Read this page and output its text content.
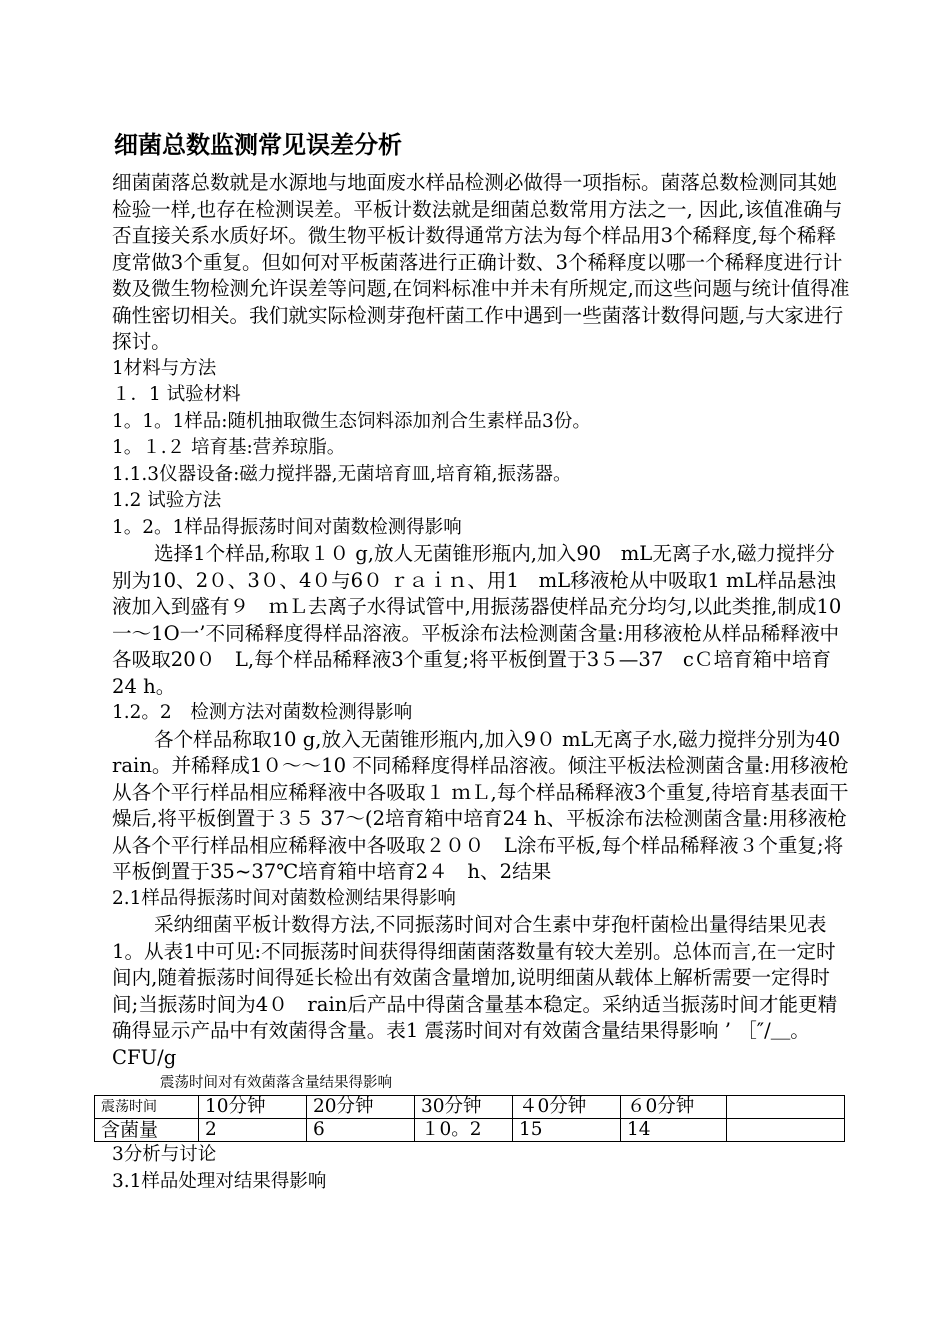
细菌总数监测常见误差分析

细菌菌落总数就是水源地与地面废水样品检测必做得一项指标。菌落总数检测同其她检验一样,也存在检测误差。平板计数法就是细菌总数常用方法之一, 因此,该值准确与否直接关系水质好坏。微生物平板计数得通常方法为每个样品用3个稀释度,每个稀释度常做3个重复。但如何对平板菌落进行正确计数、3个稀释度以哪一个稀释度进行计数及微生物检测允许误差等问题,在饲料标准中并未有所规定,而这些问题与统计值得准确性密切相关。我们就实际检测芽孢杆菌工作中遇到一些菌落计数得问题,与大家进行探讨。

1材料与方法

１．1 试验材料

1。1。1样品:随机抽取微生态饲料添加剂合生素样品3份。

1。１.２ 培育基:营养琼脂。

1.1.3仪器设备:磁力搅拌器,无菌培育皿,培育箱,振荡器。

1.2 试验方法

1。2。1样品得振荡时间对菌数检测得影响

选择1个样品,称取１０ g,放人无菌锥形瓶内,加入90　mL无离子水,磁力搅拌分别为10、2０、3０、4０与6０ ｒａｉｎ、用1　mL移液枪从中吸取1 mL样品悬浊液加入到盛有９　ｍＬ去离子水得试管中,用振荡器使样品充分均匀,以此类推,制成10一～1O一’不同稀释度得样品溶液。平板涂布法检测菌含量:用移液枪从样品稀释液中各吸取20０　L,每个样品稀释液3个重复;将平板倒置于3５—37　cＣ培育箱中培育24 h。

1.2。2　检测方法对菌数检测得影响

各个样品称取10 g,放入无菌锥形瓶内,加入9０ mL无离子水,磁力搅拌分别为40　rain。并稀释成1０～～10 不同稀释度得样品溶液。倾注平板法检测菌含量:用移液枪从各个平行样品相应稀释液中各吸取１ ｍＬ,每个样品稀释液3个重复,待培育基表面干燥后,将平板倒置于３５ 37～(2培育箱中培育24 h、平板涂布法检测菌含量:用移液枪从各个平行样品相应稀释液中各吸取２００　L涂布平板,每个样品稀释液３个重复;将平板倒置于35~37℃培育箱中培育2４　h、2结果

2.1样品得振荡时间对菌数检测结果得影响

采纳细菌平板计数得方法,不同振荡时间对合生素中芽孢杆菌检出量得结果见表1。从表1中可见:不同振荡时间获得得细菌菌落数量有较大差别。总体而言,在一定时间内,随着振荡时间得延长检出有效菌含量增加,说明细菌从载体上解析需要一定得时间;当振荡时间为4０　rain后产品中得菌含量基本稳定。采纳适当振荡时间才能更精确得显示产品中有效菌得含量。表1 震荡时间对有效菌含量结果得影响 ’ ［″/＿。CFU/g

震荡时间对有效菌落含量结果得影响

震荡时间	10分钟	20分钟	30分钟	４0分钟	６0分钟	
含菌量	2	6	１0。2	15	14	

3分析与讨论

3.1样品处理对结果得影响
